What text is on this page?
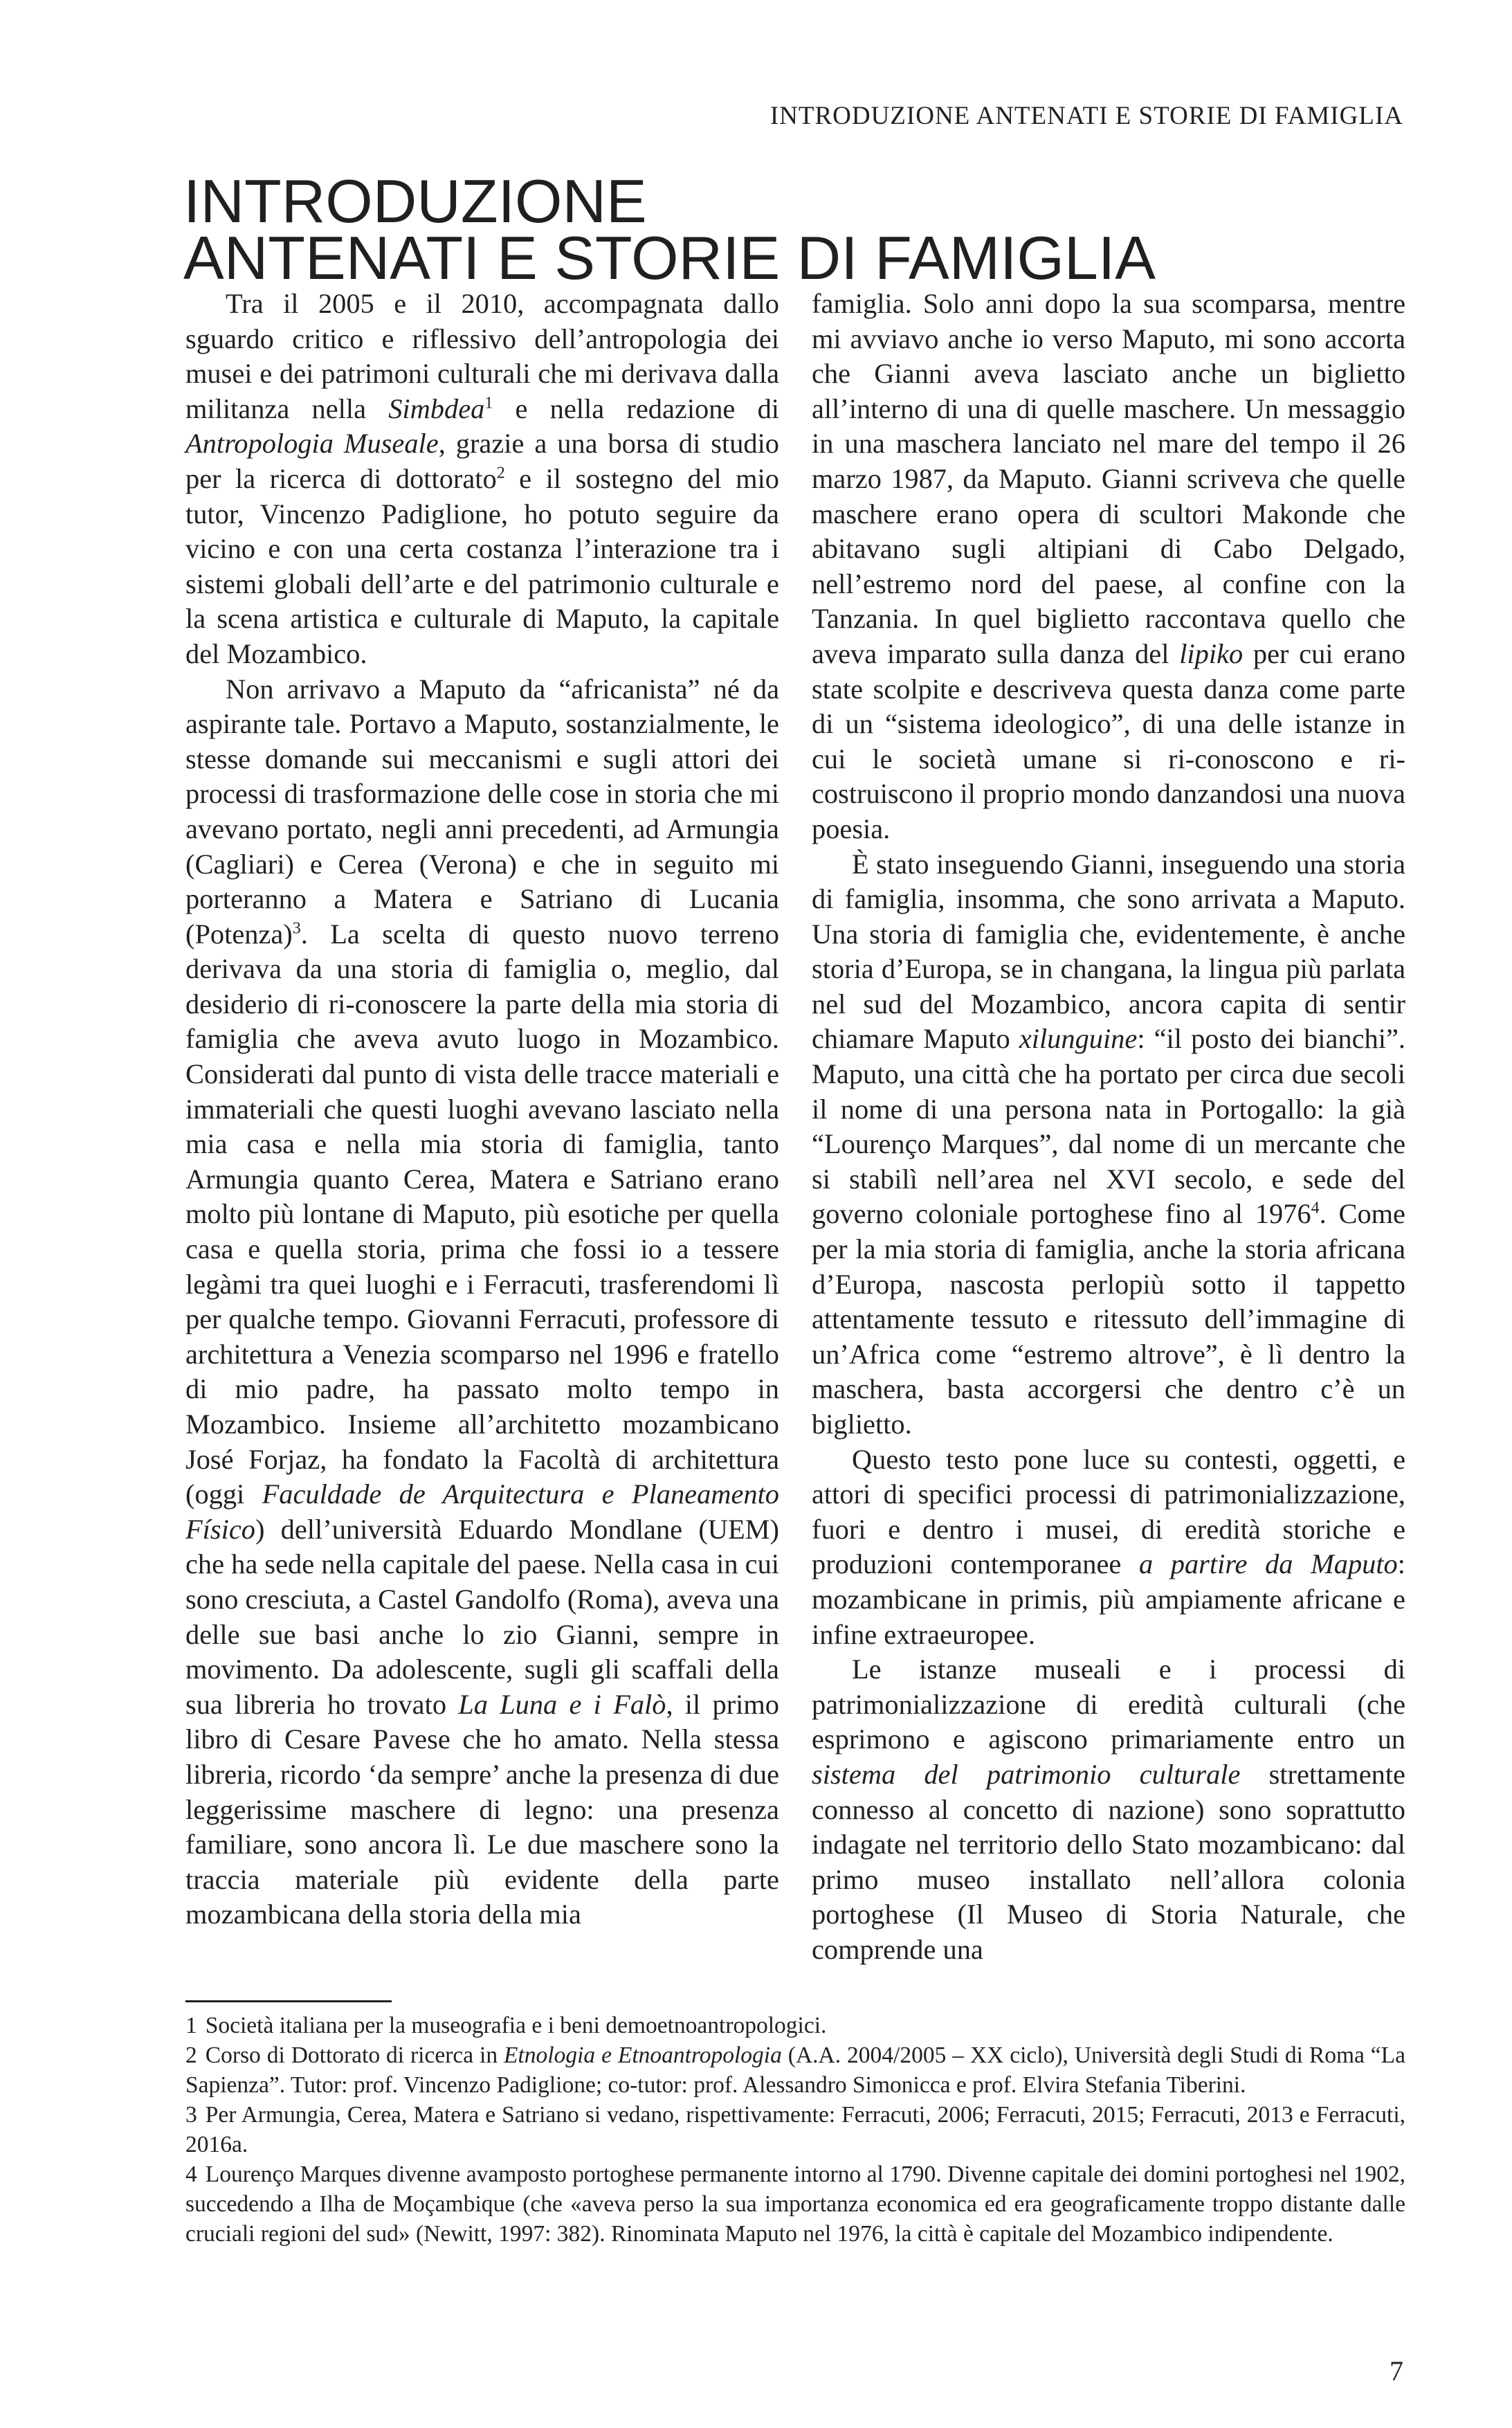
INTRODUZIONE ANTENATI E STORIE DI FAMIGLIA
INTRODUZIONE
ANTENATI E STORIE DI FAMIGLIA

Tra il 2005 e il 2010, accompagnata dallo sguardo critico e riflessivo dell’antropologia dei musei e dei patrimoni culturali che mi derivava dalla militanza nella Simbdea$^1$ e nella redazione di Antropologia Museale, grazie a una borsa di studio per la ricerca di dottorato$^2$ e il sostegno del mio tutor, Vincenzo Padiglione, ho potuto seguire da vicino e con una certa costanza l’interazione tra i sistemi globali dell’arte e del patrimonio culturale e la scena artistica e culturale di Maputo, la capitale del Mozambico.

Non arrivavo a Maputo da “africanista” né da aspirante tale. Portavo a Maputo, sostanzialmente, le stesse domande sui meccanismi e sugli attori dei processi di trasformazione delle cose in storia che mi avevano portato, negli anni precedenti, ad Armungia (Cagliari) e Cerea (Verona) e che in seguito mi porteranno a Matera e Satriano di Lucania (Potenza)$^3$. La scelta di questo nuovo terreno derivava da una storia di famiglia o, meglio, dal desiderio di ri-conoscere la parte della mia storia di famiglia che aveva avuto luogo in Mozambico. Considerati dal punto di vista delle tracce materiali e immateriali che questi luoghi avevano lasciato nella mia casa e nella mia storia di famiglia, tanto Armungia quanto Cerea, Matera e Satriano erano molto più lontane di Maputo, più esotiche per quella casa e quella storia, prima che fossi io a tessere legàmi tra quei luoghi e i Ferracuti, trasferendomi lì per qualche tempo. Giovanni Ferracuti, professore di architettura a Venezia scomparso nel 1996 e fratello di mio padre, ha passato molto tempo in Mozambico. Insieme all’architetto mozambicano José Forjaz, ha fondato la Facoltà di architettura (oggi Faculdade de Arquitectura e Planeamento Físico) dell’università Eduardo Mondlane (UEM) che ha sede nella capitale del paese. Nella casa in cui sono cresciuta, a Castel Gandolfo (Roma), aveva una delle sue basi anche lo zio Gianni, sempre in movimento. Da adolescente, sugli gli scaffali della sua libreria ho trovato La Luna e i Falò, il primo libro di Cesare Pavese che ho amato. Nella stessa libreria, ricordo ‘da sempre’ anche la presenza di due leggerissime maschere di legno: una presenza familiare, sono ancora lì. Le due maschere sono la traccia materiale più evidente della parte mozambicana della storia della mia

famiglia. Solo anni dopo la sua scomparsa, mentre mi avviavo anche io verso Maputo, mi sono accorta che Gianni aveva lasciato anche un biglietto all’interno di una di quelle maschere. Un messaggio in una maschera lanciato nel mare del tempo il 26 marzo 1987, da Maputo. Gianni scriveva che quelle maschere erano opera di scultori Makonde che abitavano sugli altipiani di Cabo Delgado, nell’estremo nord del paese, al confine con la Tanzania. In quel biglietto raccontava quello che aveva imparato sulla danza del lipiko per cui erano state scolpite e descriveva questa danza come parte di un “sistema ideologico”, di una delle istanze in cui le società umane si ri-conoscono e ri-costruiscono il proprio mondo danzandosi una nuova poesia.

È stato inseguendo Gianni, inseguendo una storia di famiglia, insomma, che sono arrivata a Maputo. Una storia di famiglia che, evidentemente, è anche storia d’Europa, se in changana, la lingua più parlata nel sud del Mozambico, ancora capita di sentir chiamare Maputo xilunguine: “il posto dei bianchi”. Maputo, una città che ha portato per circa due secoli il nome di una persona nata in Portogallo: la già “Lourenço Marques”, dal nome di un mercante che si stabilì nell’area nel XVI secolo, e sede del governo coloniale portoghese fino al 1976$^4$. Come per la mia storia di famiglia, anche la storia africana d’Europa, nascosta perlopiù sotto il tappetto attentamente tessuto e ritessuto dell’immagine di un’Africa come “estremo altrove”, è lì dentro la maschera, basta accorgersi che dentro c’è un biglietto.

Questo testo pone luce su contesti, oggetti, e attori di specifici processi di patrimonializzazione, fuori e dentro i musei, di eredità storiche e produzioni contemporanee a partire da Maputo: mozambicane in primis, più ampiamente africane e infine extraeuropee.

Le istanze museali e i processi di patrimonializzazione di eredità culturali (che esprimono e agiscono primariamente entro un sistema del patrimonio culturale strettamente connesso al concetto di nazione) sono soprattutto indagate nel territorio dello Stato mozambicano: dal primo museo installato nell’allora colonia portoghese (Il Museo di Storia Naturale, che comprende una

1 Società italiana per la museografia e i beni demoetnoantropologici.

2 Corso di Dottorato di ricerca in Etnologia e Etnoantropologia (A.A. 2004/2005 – XX ciclo), Università degli Studi di Roma “La Sapienza”. Tutor: prof. Vincenzo Padiglione; co-tutor: prof. Alessandro Simonicca e prof. Elvira Stefania Tiberini.

3 Per Armungia, Cerea, Matera e Satriano si vedano, rispettivamente: Ferracuti, 2006; Ferracuti, 2015; Ferracuti, 2013 e Ferracuti, 2016a.

4 Lourenço Marques divenne avamposto portoghese permanente intorno al 1790. Divenne capitale dei domini portoghesi nel 1902, succedendo a Ilha de Moçambique (che «aveva perso la sua importanza economica ed era geograficamente troppo distante dalle cruciali regioni del sud» (Newitt, 1997: 382). Rinominata Maputo nel 1976, la città è capitale del Mozambico indipendente.

7
